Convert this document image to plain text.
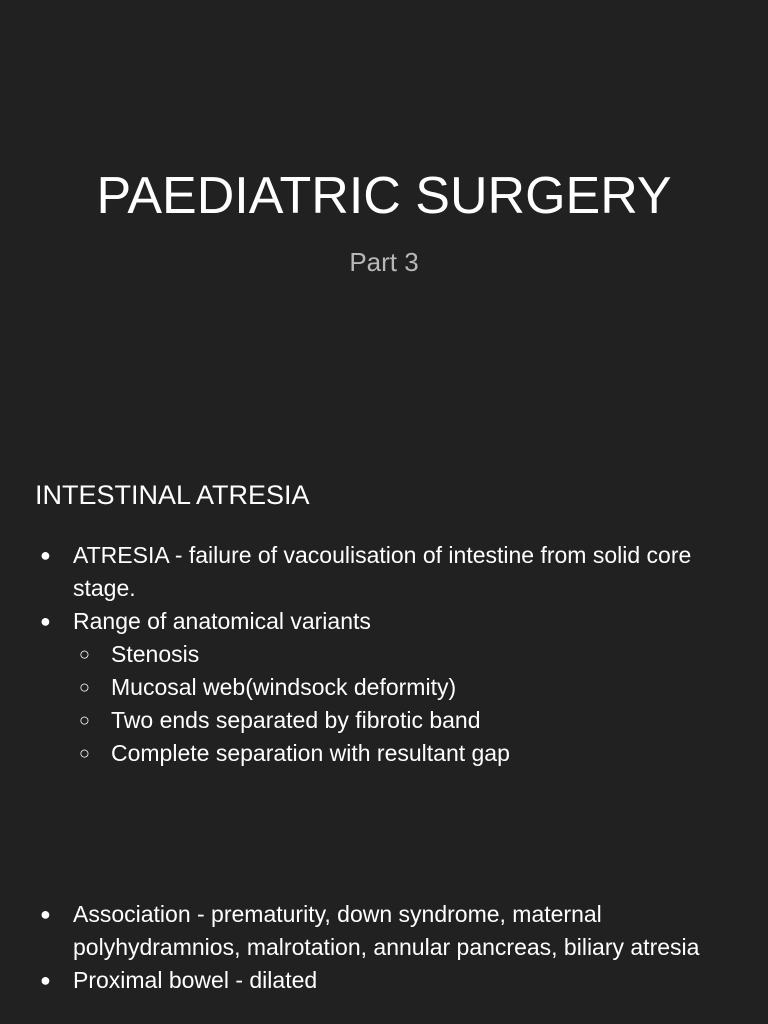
PAEDIATRIC SURGERY

Part 3

INTESTINAL ATRESIA
● ATRESIA - failure of vacoulisation of intestine from solid core stage.
● Range of anatomical variants
○ Stenosis
○ Mucosal web(windsock deformity)
○ Two ends separated by fibrotic band
○ Complete separation with resultant gap
● Association - prematurity, down syndrome, maternal polyhydramnios, malrotation, annular pancreas, biliary atresia
● Proximal bowel - dilated
